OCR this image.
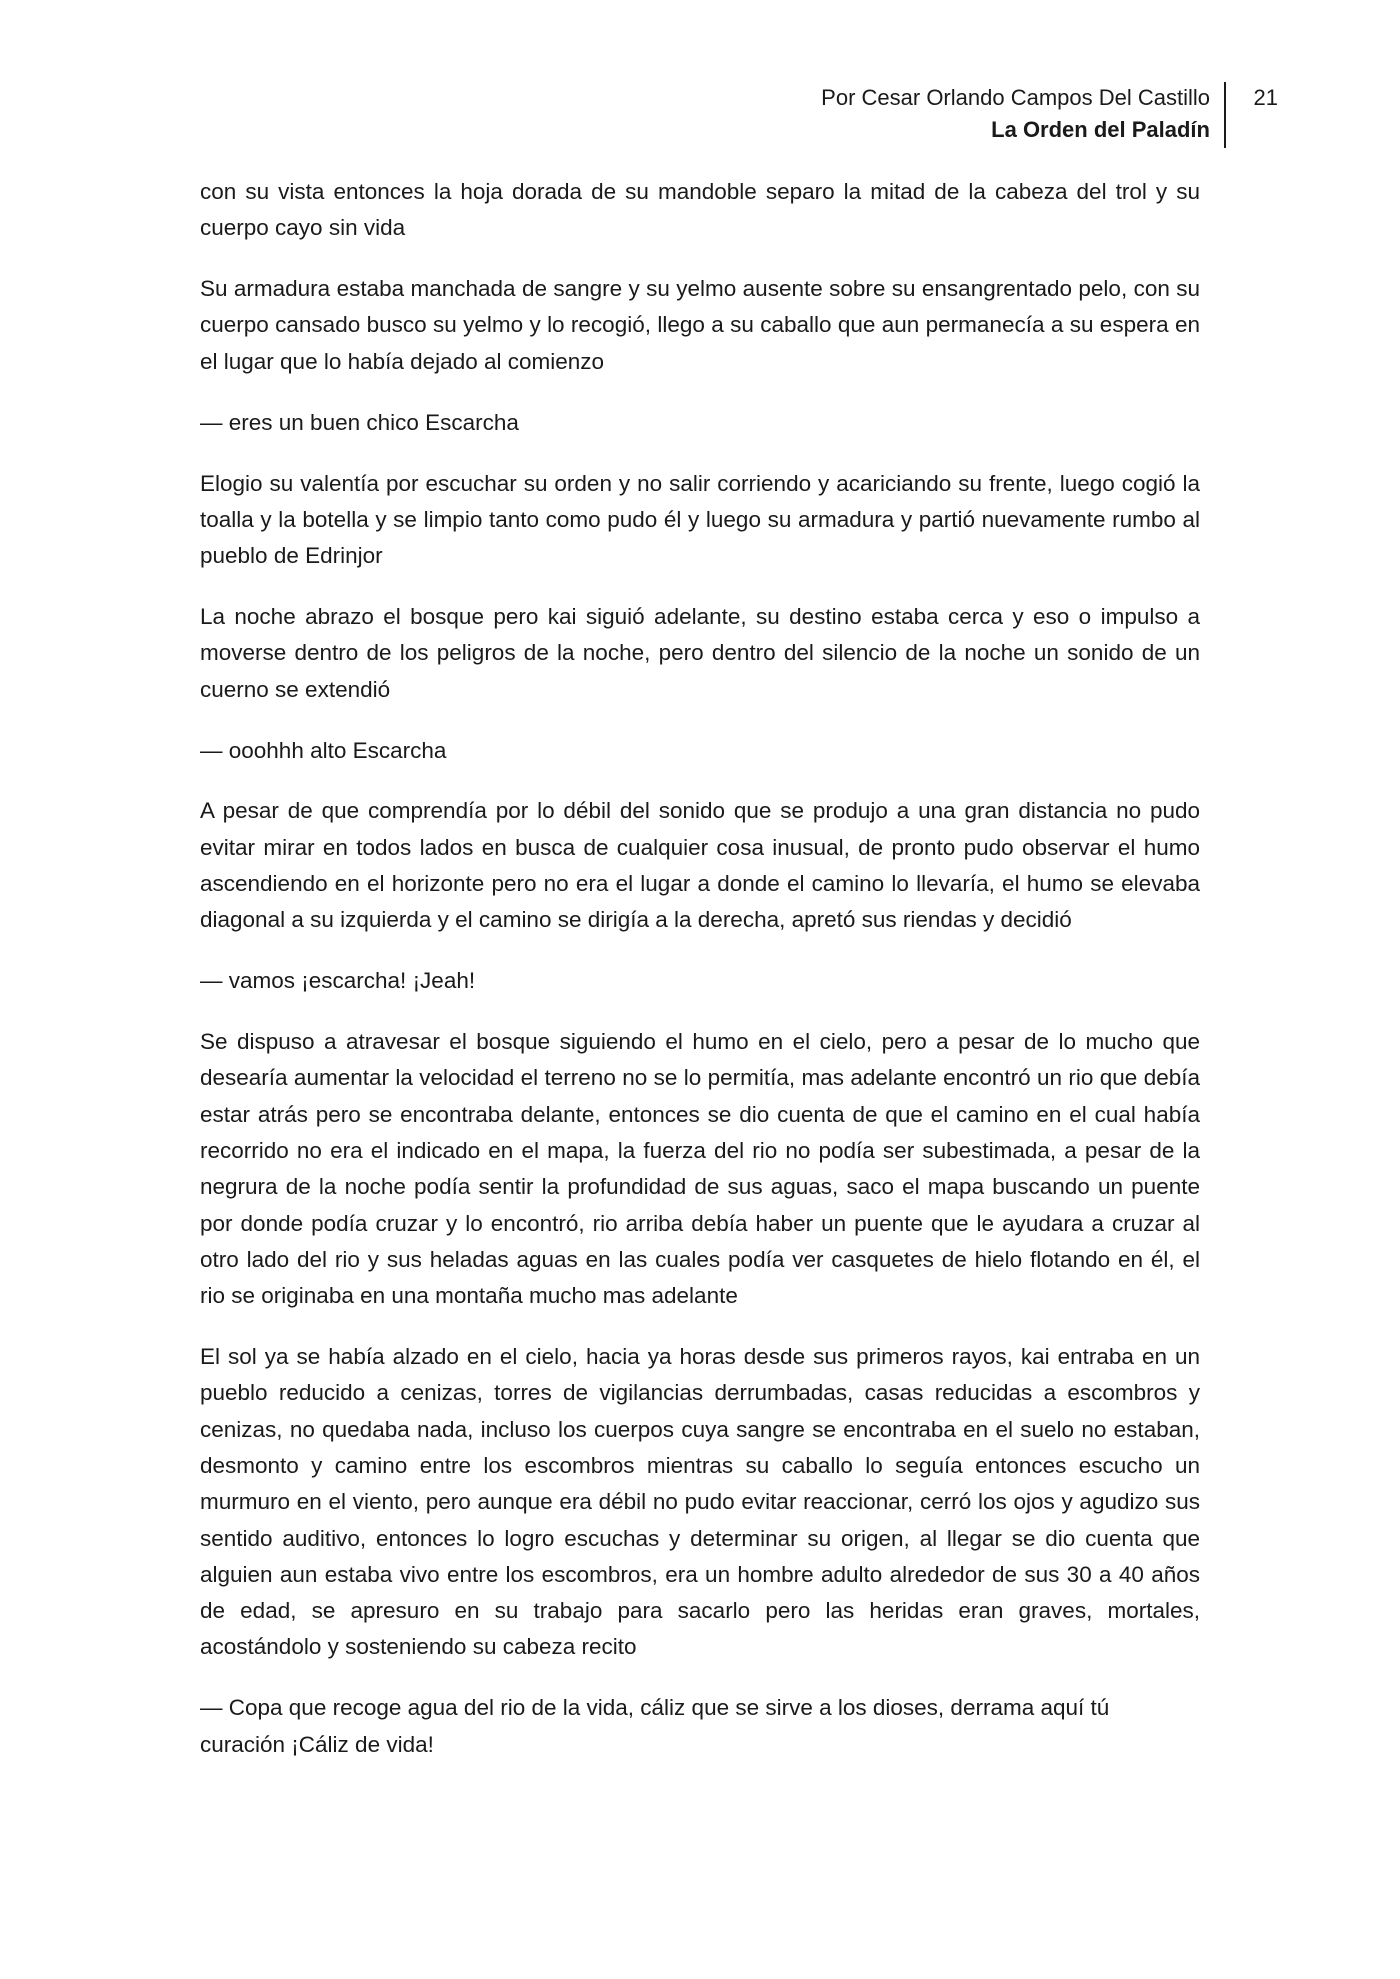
Por Cesar Orlando Campos Del Castillo
La Orden del Paladín
21

con su vista entonces la hoja dorada de su mandoble separo la mitad de la cabeza del trol y su cuerpo cayo sin vida

Su armadura estaba manchada de sangre y su yelmo ausente sobre su ensangrentado pelo, con su cuerpo cansado busco su yelmo y lo recogió, llego a su caballo que aun permanecía a su espera en el lugar que lo había dejado al comienzo

— eres un buen chico Escarcha

Elogio su valentía por escuchar su orden y no salir corriendo y acariciando su frente, luego cogió la toalla y la botella y se limpio tanto como pudo él y luego su armadura y partió nuevamente rumbo al pueblo de Edrinjor

La noche abrazo el bosque pero kai siguió adelante, su destino estaba cerca y eso o impulso a moverse dentro de los peligros de la noche, pero dentro del silencio de la noche un sonido de un cuerno se extendió

— ooohhh alto Escarcha

A pesar de que comprendía por lo débil del sonido que se produjo a una gran distancia no pudo evitar mirar en todos lados en busca de cualquier cosa inusual, de pronto pudo observar el humo ascendiendo en el horizonte pero no era el lugar a donde el camino lo llevaría, el humo se elevaba diagonal a su izquierda y el camino se dirigía a la derecha, apretó sus riendas y decidió

— vamos ¡escarcha! ¡Jeah!

Se dispuso a atravesar el bosque siguiendo el humo en el cielo, pero a pesar de lo mucho que desearía aumentar la velocidad el terreno no se lo permitía, mas adelante encontró un rio que debía estar atrás pero se encontraba delante, entonces se dio cuenta de que el camino en el cual había recorrido no era el indicado en el mapa, la fuerza del rio no podía ser subestimada, a pesar de la negrura de la noche podía sentir la profundidad de sus aguas, saco el mapa buscando un puente por donde podía cruzar y lo encontró, rio arriba debía haber un puente que le ayudara a cruzar al otro lado del rio y sus heladas aguas en las cuales podía ver casquetes de hielo flotando en él, el rio se originaba en una montaña mucho mas adelante

El sol ya se había alzado en el cielo, hacia ya horas desde sus primeros rayos, kai entraba en un pueblo reducido a cenizas, torres de vigilancias derrumbadas, casas reducidas a escombros y cenizas, no quedaba nada, incluso los cuerpos cuya sangre se encontraba en el suelo no estaban, desmonto y camino entre los escombros mientras su caballo lo seguía entonces escucho un murmuro en el viento, pero aunque era débil no pudo evitar reaccionar, cerró los ojos y agudizo sus sentido auditivo, entonces lo logro escuchas y determinar su origen, al llegar se dio cuenta que alguien aun estaba vivo entre los escombros, era un hombre adulto alrededor de sus 30 a 40 años de edad, se apresuro en su trabajo para sacarlo pero las heridas eran graves, mortales, acostándolo y sosteniendo su cabeza recito

— Copa que recoge agua del rio de la vida, cáliz que se sirve a los dioses, derrama aquí tú curación ¡Cáliz de vida!
